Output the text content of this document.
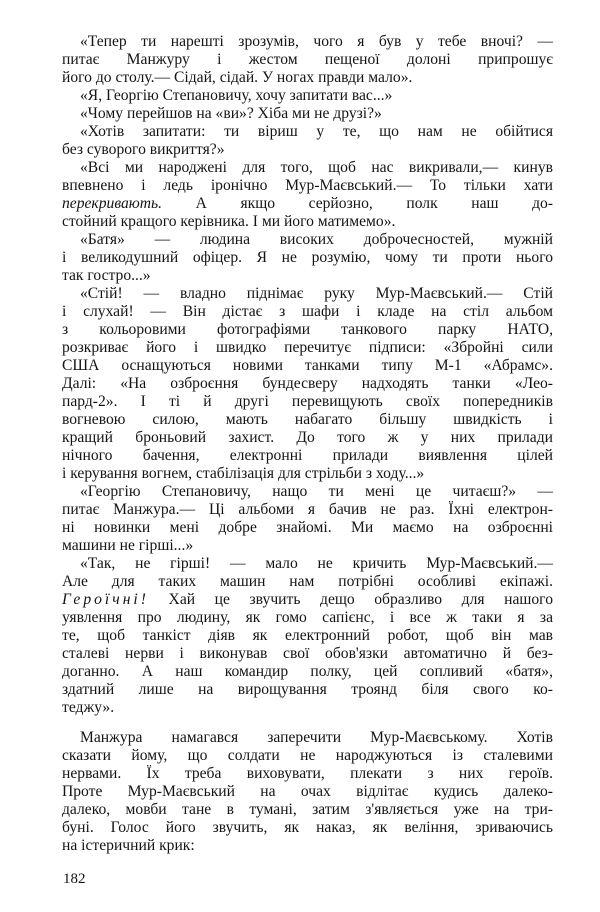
«Тепер ти нарешті зрозумів, чого я був у тебе вночі? —
питає Манжуру і жестом пещеної долоні припрошує
його до столу.— Сідай, сідай. У ногах правди мало».
«Я, Георгію Степановичу, хочу запитати вас...»
«Чому перейшов на «ви»? Хіба ми не друзі?»
«Хотів запитати: ти віриш у те, що нам не обійтися
без суворого викриття?»
«Всі ми народжені для того, щоб нас викривали,— кинув
впевнено і ледь іронічно Мур-Маєвський.— То тільки хати
перекривають. А якщо серйозно, полк наш до-
стойний кращого керівника. І ми його матимемо».
«Батя» — людина високих доброчесностей, мужній
і великодушний офіцер. Я не розумію, чому ти проти нього
так гостро...»
«Стій! — владно піднімає руку Мур-Маєвський.— Стій
і слухай! — Він дістає з шафи і кладе на стіл альбом
з кольоровими фотографіями танкового парку НАТО,
розкриває його і швидко перечитує підписи: «Збройні сили
США оснащуються новими танками типу М-1 «Абрамс».
Далі: «На озброєння бундесверу надходять танки «Лео-
пард-2». І ті й другі перевищують своїх попередників
вогневою силою, мають набагато більшу швидкість і
кращий броньовий захист. До того ж у них прилади
нічного бачення, електронні прилади виявлення цілей
і керування вогнем, стабілізація для стрільби з ходу...»
«Георгію Степановичу, нащо ти мені це читаєш?» —
питає Манжура.— Ці альбоми я бачив не раз. Їхні електрон-
ні новинки мені добре знайомі. Ми маємо на озброєнні
машини не гірші...»
«Так, не гірші! — мало не кричить Мур-Маєвський.—
Але для таких машин нам потрібні особливі екіпажі.
Героїчні! Хай це звучить дещо образливо для нашого
уявлення про людину, як гомо сапієнс, і все ж таки я за
те, щоб танкіст діяв як електронний робот, щоб він мав
сталеві нерви і виконував свої обов'язки автоматично й без-
доганно. А наш командир полку, цей сопливий «батя»,
здатний лише на вирощування троянд біля свого ко-
теджу».
Манжура намагався заперечити Мур-Маєвському. Хотів
сказати йому, що солдати не народжуються із сталевими
нервами. Їх треба виховувати, плекати з них героїв.
Проте Мур-Маєвський на очах відлітає кудись далеко-
далеко, мовби тане в тумані, затим з'являється уже на три-
буні. Голос його звучить, як наказ, як веління, зриваючись
на істеричний крик:
182
